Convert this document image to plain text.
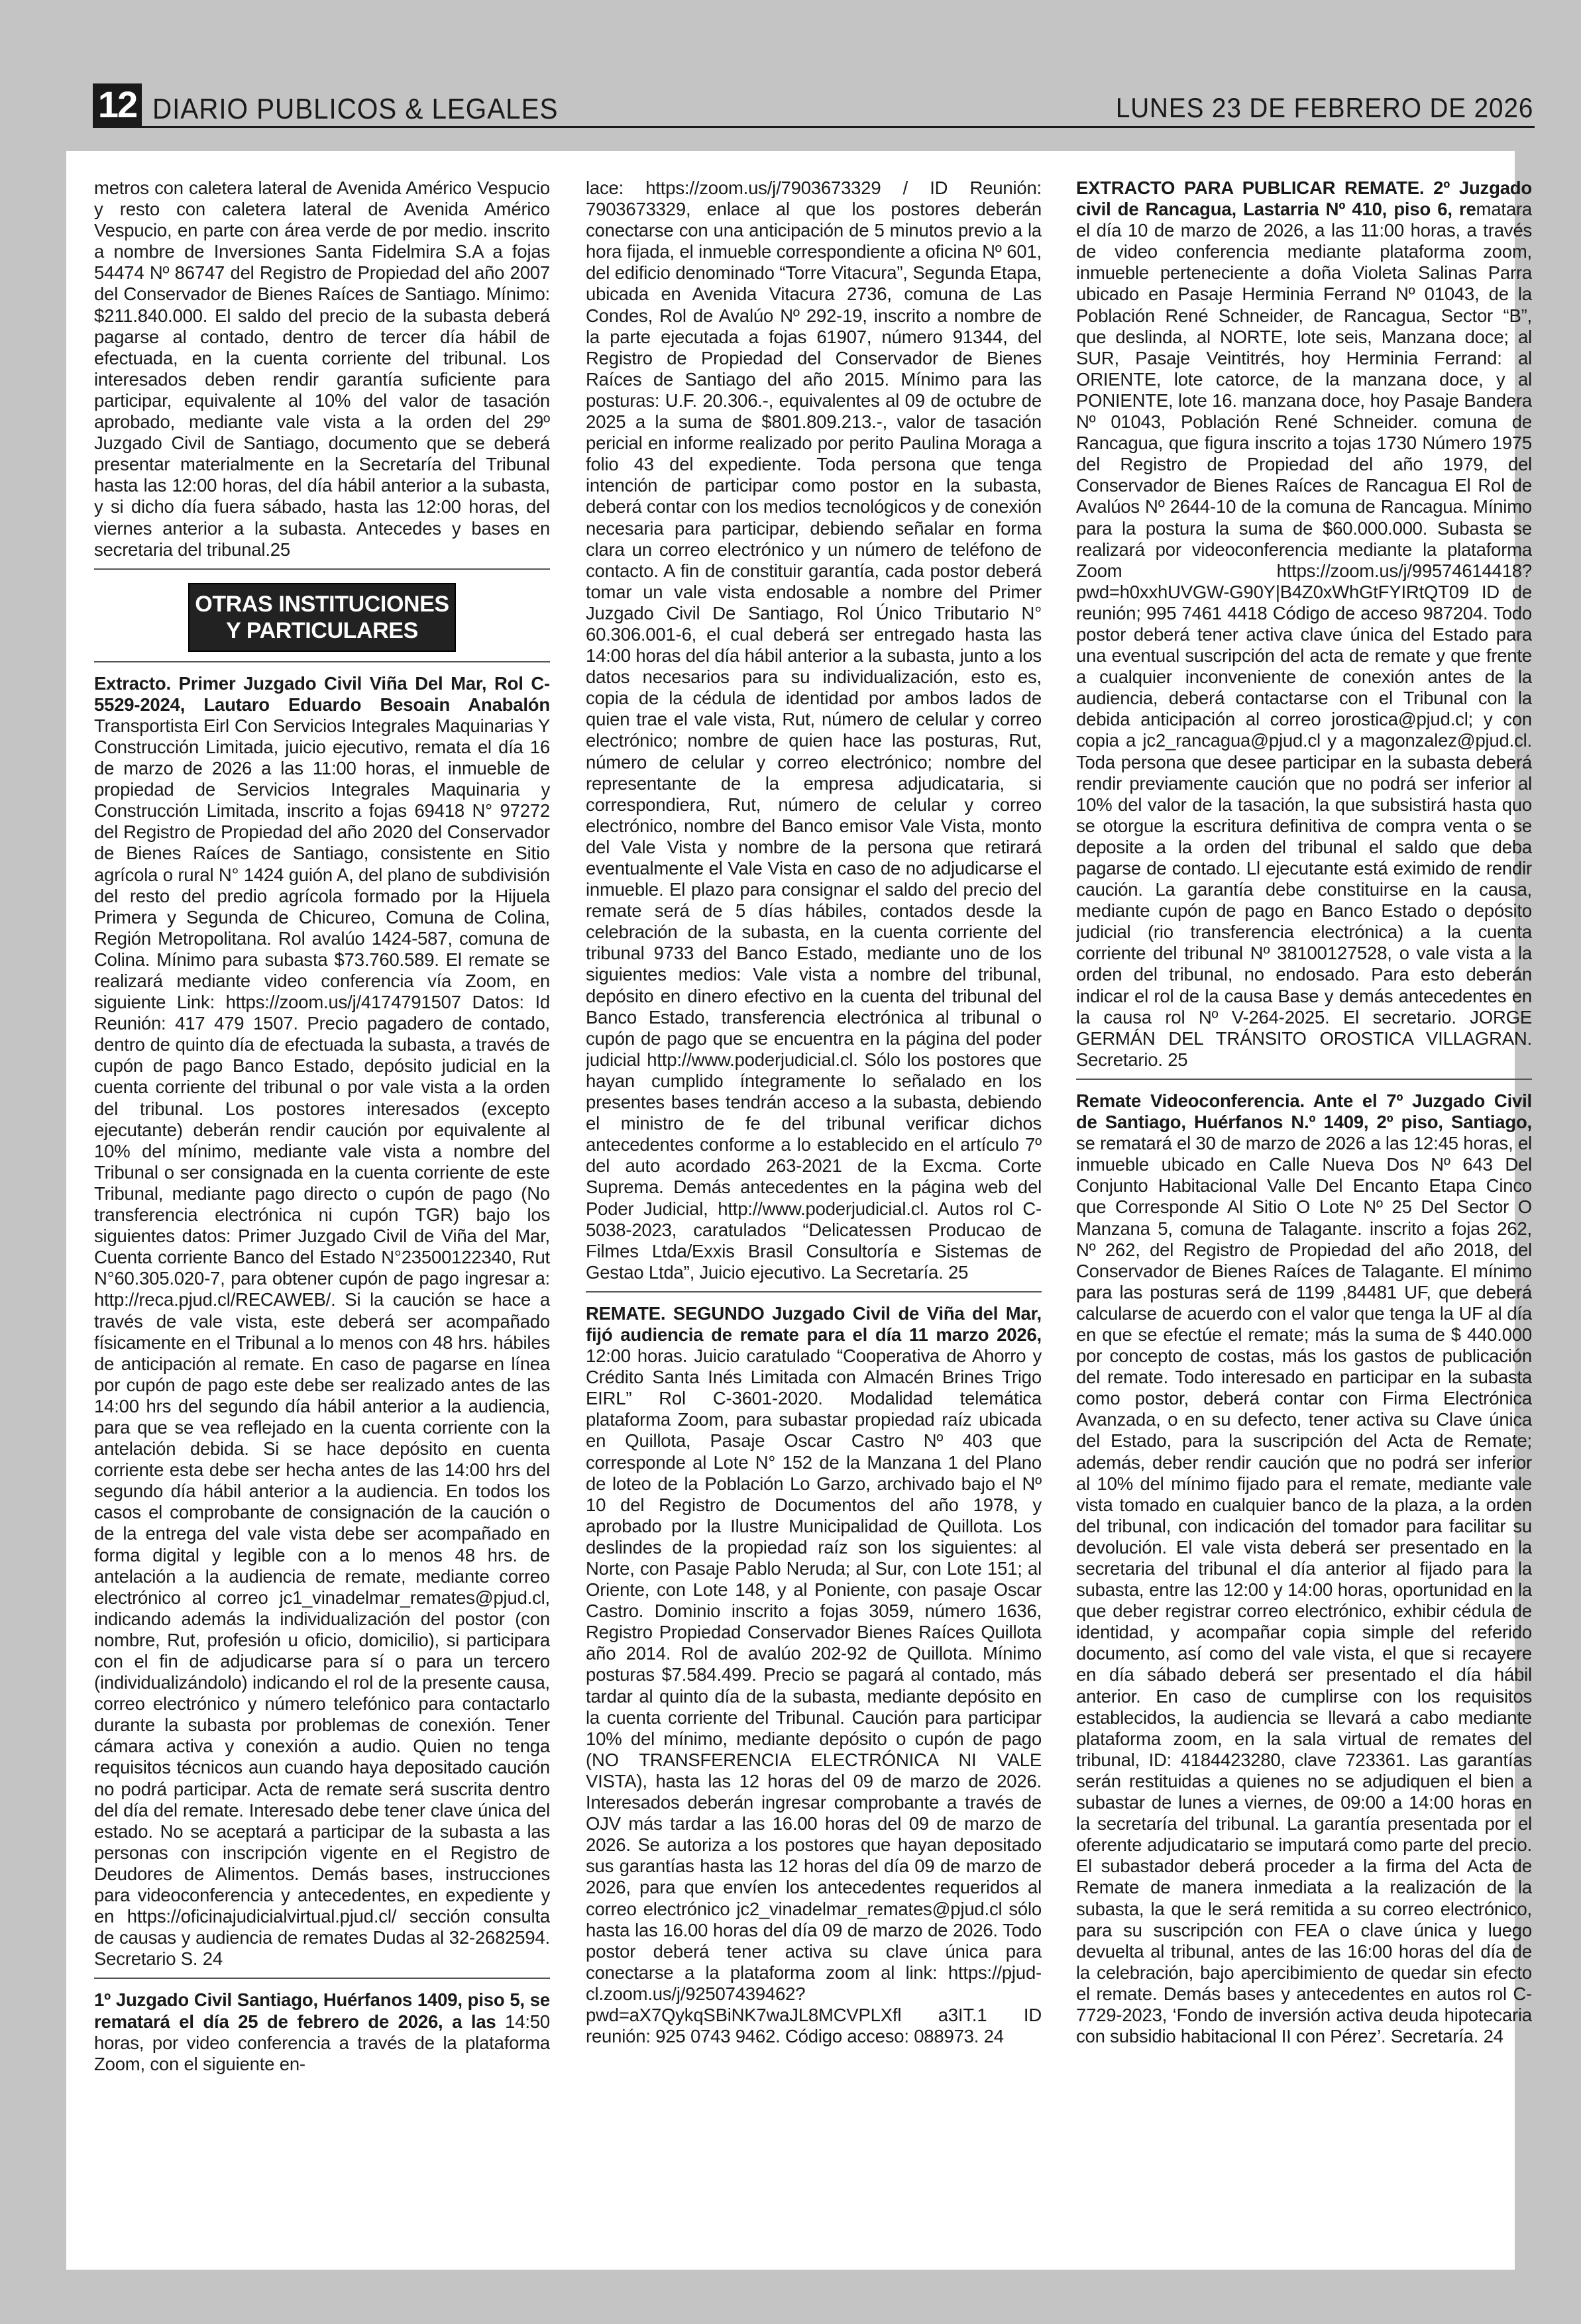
12 DIARIO PUBLICOS & LEGALES	LUNES 23 DE FEBRERO DE 2026

metros con caletera lateral de Avenida Américo Vespucio y resto con caletera lateral de Avenida Américo Vespucio, en parte con área verde de por medio. inscrito a nombre de Inversiones Santa Fidelmira S.A a fojas 54474 Nº 86747 del Registro de Propiedad del año 2007 del Conservador de Bienes Raíces de Santiago. Mínimo: $211.840.000. El saldo del precio de la subasta deberá pagarse al contado, dentro de tercer día hábil de efectuada, en la cuenta corriente del tribunal. Los interesados deben rendir garantía suficiente para participar, equivalente al 10% del valor de tasación aprobado, mediante vale vista a la orden del 29º Juzgado Civil de Santiago, documento que se deberá presentar materialmente en la Secretaría del Tribunal hasta las 12:00 horas, del día hábil anterior a la subasta, y si dicho día fuera sábado, hasta las 12:00 horas, del viernes anterior a la subasta. Antecedes y bases en secretaria del tribunal.25

OTRAS INSTITUCIONES
Y PARTICULARES

Extracto. Primer Juzgado Civil Viña Del Mar, Rol C-5529-2024, Lautaro Eduardo Besoain Anabalón Transportista Eirl Con Servicios Integrales Maquinarias Y Construcción Limitada, juicio ejecutivo, remata el día 16 de marzo de 2026 a las 11:00 horas, el inmueble de propiedad de Servicios Integrales Maquinaria y Construcción Limitada, inscrito a fojas 69418 N° 97272 del Registro de Propiedad del año 2020 del Conservador de Bienes Raíces de Santiago, consistente en Sitio agrícola o rural N° 1424 guión A, del plano de subdivisión del resto del predio agrícola formado por la Hijuela Primera y Segunda de Chicureo, Comuna de Colina, Región Metropolitana. Rol avalúo 1424-587, comuna de Colina. Mínimo para subasta $73.760.589. El remate se realizará mediante video conferencia vía Zoom, en siguiente Link: https://zoom.us/j/4174791507 Datos: Id Reunión: 417 479 1507. Precio pagadero de contado, dentro de quinto día de efectuada la subasta, a través de cupón de pago Banco Estado, depósito judicial en la cuenta corriente del tribunal o por vale vista a la orden del tribunal. Los postores interesados (excepto ejecutante) deberán rendir caución por equivalente al 10% del mínimo, mediante vale vista a nombre del Tribunal o ser consignada en la cuenta corriente de este Tribunal, mediante pago directo o cupón de pago (No transferencia electrónica ni cupón TGR) bajo los siguientes datos: Primer Juzgado Civil de Viña del Mar, Cuenta corriente Banco del Estado N°23500122340, Rut N°60.305.020-7, para obtener cupón de pago ingresar a: http://reca.pjud.cl/RECAWEB/. Si la caución se hace a través de vale vista, este deberá ser acompañado físicamente en el Tribunal a lo menos con 48 hrs. hábiles de anticipación al remate. En caso de pagarse en línea por cupón de pago este debe ser realizado antes de las 14:00 hrs del segundo día hábil anterior a la audiencia, para que se vea reflejado en la cuenta corriente con la antelación debida. Si se hace depósito en cuenta corriente esta debe ser hecha antes de las 14:00 hrs del segundo día hábil anterior a la audiencia. En todos los casos el comprobante de consignación de la caución o de la entrega del vale vista debe ser acompañado en forma digital y legible con a lo menos 48 hrs. de antelación a la audiencia de remate, mediante correo electrónico al correo jc1_vinadelmar_remates@pjud.cl, indicando además la individualización del postor (con nombre, Rut, profesión u oficio, domicilio), si participara con el fin de adjudicarse para sí o para un tercero (individualizándolo) indicando el rol de la presente causa, correo electrónico y número telefónico para contactarlo durante la subasta por problemas de conexión. Tener cámara activa y conexión a audio. Quien no tenga requisitos técnicos aun cuando haya depositado caución no podrá participar. Acta de remate será suscrita dentro del día del remate. Interesado debe tener clave única del estado. No se aceptará a participar de la subasta a las personas con inscripción vigente en el Registro de Deudores de Alimentos. Demás bases, instrucciones para videoconferencia y antecedentes, en expediente y en https://oficinajudicialvirtual.pjud.cl/ sección consulta de causas y audiencia de remates Dudas al 32-2682594. Secretario S. 24

1º Juzgado Civil Santiago, Huérfanos 1409, piso 5, se rematará el día 25 de febrero de 2026, a las 14:50 horas, por video conferencia a través de la plataforma Zoom, con el siguiente en-

lace: https://zoom.us/j/7903673329 / ID Reunión: 7903673329, enlace al que los postores deberán conectarse con una anticipación de 5 minutos previo a la hora fijada, el inmueble correspondiente a oficina Nº 601, del edificio denominado “Torre Vitacura”, Segunda Etapa, ubicada en Avenida Vitacura 2736, comuna de Las Condes, Rol de Avalúo Nº 292-19, inscrito a nombre de la parte ejecutada a fojas 61907, número 91344, del Registro de Propiedad del Conservador de Bienes Raíces de Santiago del año 2015. Mínimo para las posturas: U.F. 20.306.-, equivalentes al 09 de octubre de 2025 a la suma de $801.809.213.-, valor de tasación pericial en informe realizado por perito Paulina Moraga a folio 43 del expediente. Toda persona que tenga intención de participar como postor en la subasta, deberá contar con los medios tecnológicos y de conexión necesaria para participar, debiendo señalar en forma clara un correo electrónico y un número de teléfono de contacto. A fin de constituir garantía, cada postor deberá tomar un vale vista endosable a nombre del Primer Juzgado Civil De Santiago, Rol Único Tributario N° 60.306.001-6, el cual deberá ser entregado hasta las 14:00 horas del día hábil anterior a la subasta, junto a los datos necesarios para su individualización, esto es, copia de la cédula de identidad por ambos lados de quien trae el vale vista, Rut, número de celular y correo electrónico; nombre de quien hace las posturas, Rut, número de celular y correo electrónico; nombre del representante de la empresa adjudicataria, si correspondiera, Rut, número de celular y correo electrónico, nombre del Banco emisor Vale Vista, monto del Vale Vista y nombre de la persona que retirará eventualmente el Vale Vista en caso de no adjudicarse el inmueble. El plazo para consignar el saldo del precio del remate será de 5 días hábiles, contados desde la celebración de la subasta, en la cuenta corriente del tribunal 9733 del Banco Estado, mediante uno de los siguientes medios: Vale vista a nombre del tribunal, depósito en dinero efectivo en la cuenta del tribunal del Banco Estado, transferencia electrónica al tribunal o cupón de pago que se encuentra en la página del poder judicial http://www.poderjudicial.cl. Sólo los postores que hayan cumplido íntegramente lo señalado en los presentes bases tendrán acceso a la subasta, debiendo el ministro de fe del tribunal verificar dichos antecedentes conforme a lo establecido en el artículo 7º del auto acordado 263-2021 de la Excma. Corte Suprema. Demás antecedentes en la página web del Poder Judicial, http://www.poderjudicial.cl. Autos rol C-5038-2023, caratulados “Delicatessen Producao de Filmes Ltda/Exxis Brasil Consultoría e Sistemas de Gestao Ltda”, Juicio ejecutivo. La Secretaría. 25

REMATE. SEGUNDO Juzgado Civil de Viña del Mar, fijó audiencia de remate para el día 11 marzo 2026, 12:00 horas. Juicio caratulado “Cooperativa de Ahorro y Crédito Santa Inés Limitada con Almacén Brines Trigo EIRL” Rol C-3601-2020. Modalidad telemática plataforma Zoom, para subastar propiedad raíz ubicada en Quillota, Pasaje Oscar Castro Nº 403 que corresponde al Lote N° 152 de la Manzana 1 del Plano de loteo de la Población Lo Garzo, archivado bajo el Nº 10 del Registro de Documentos del año 1978, y aprobado por la Ilustre Municipalidad de Quillota. Los deslindes de la propiedad raíz son los siguientes: al Norte, con Pasaje Pablo Neruda; al Sur, con Lote 151; al Oriente, con Lote 148, y al Poniente, con pasaje Oscar Castro. Dominio inscrito a fojas 3059, número 1636, Registro Propiedad Conservador Bienes Raíces Quillota año 2014. Rol de avalúo 202-92 de Quillota. Mínimo posturas $7.584.499. Precio se pagará al contado, más tardar al quinto día de la subasta, mediante depósito en la cuenta corriente del Tribunal. Caución para participar 10% del mínimo, mediante depósito o cupón de pago (NO TRANSFERENCIA ELECTRÓNICA NI VALE VISTA), hasta las 12 horas del 09 de marzo de 2026. Interesados deberán ingresar comprobante a través de OJV más tardar a las 16.00 horas del 09 de marzo de 2026. Se autoriza a los postores que hayan depositado sus garantías hasta las 12 horas del día 09 de marzo de 2026, para que envíen los antecedentes requeridos al correo electrónico jc2_vinadelmar_remates@pjud.cl sólo hasta las 16.00 horas del día 09 de marzo de 2026. Todo postor deberá tener activa su clave única para conectarse a la plataforma zoom al link: https://pjud- cl.zoom.us/j/92507439462?pwd=aX7QykqSBiNK7waJL8MCVPLXfl a3IT.1 ID reunión: 925 0743 9462. Código acceso: 088973. 24

EXTRACTO PARA PUBLICAR REMATE. 2º Juzgado civil de Rancagua, Lastarria Nº 410, piso 6, rematara el día 10 de marzo de 2026, a las 11:00 horas, a través de video conferencia mediante plataforma zoom, inmueble perteneciente a doña Violeta Salinas Parra ubicado en Pasaje Herminia Ferrand Nº 01043, de la Población René Schneider, de Rancagua, Sector “B”, que deslinda, al NORTE, lote seis, Manzana doce; al SUR, Pasaje Veintitrés, hoy Herminia Ferrand: al ORIENTE, lote catorce, de la manzana doce, y al PONIENTE, lote 16. manzana doce, hoy Pasaje Bandera Nº 01043, Población René Schneider. comuna de Rancagua, que figura inscrito a tojas 1730 Número 1975 del Registro de Propiedad del año 1979, del Conservador de Bienes Raíces de Rancagua El Rol de Avalúos Nº 2644-10 de la comuna de Rancagua. Mínimo para la postura la suma de $60.000.000. Subasta se realizará por videoconferencia mediante la plataforma Zoom https://zoom.us/j/99574614418?pwd=h0xxhUVGW-G90Y|B4Z0xWhGtFYIRtQT09 ID de reunión; 995 7461 4418 Código de acceso 987204. Todo postor deberá tener activa clave única del Estado para una eventual suscripción del acta de remate y que frente a cualquier inconveniente de conexión antes de la audiencia, deberá contactarse con el Tribunal con la debida anticipación al correo jorostica@pjud.cl; y con copia a jc2_rancagua@pjud.cl y a magonzalez@pjud.cl. Toda persona que desee participar en la subasta deberá rendir previamente caución que no podrá ser inferior al 10% del valor de la tasación, la que subsistirá hasta quo se otorgue la escritura definitiva de compra venta o se deposite a la orden del tribunal el saldo que deba pagarse de contado. Ll ejecutante está eximido de rendir caución. La garantía debe constituirse en la causa, mediante cupón de pago en Banco Estado o depósito judicial (rio transferencia electrónica) a la cuenta corriente del tribunal Nº 38100127528, o vale vista a la orden del tribunal, no endosado. Para esto deberán indicar el rol de la causa Base y demás antecedentes en la causa rol Nº V-264-2025. El secretario. JORGE GERMÁN DEL TRÁNSITO OROSTICA VILLAGRAN. Secretario. 25

Remate Videoconferencia. Ante el 7º Juzgado Civil de Santiago, Huérfanos N.º 1409, 2º piso, Santiago, se rematará el 30 de marzo de 2026 a las 12:45 horas, el inmueble ubicado en Calle Nueva Dos Nº 643 Del Conjunto Habitacional Valle Del Encanto Etapa Cinco que Corresponde Al Sitio O Lote Nº 25 Del Sector O Manzana 5, comuna de Talagante. inscrito a fojas 262, Nº 262, del Registro de Propiedad del año 2018, del Conservador de Bienes Raíces de Talagante. El mínimo para las posturas será de 1199 ,84481 UF, que deberá calcularse de acuerdo con el valor que tenga la UF al día en que se efectúe el remate; más la suma de $ 440.000 por concepto de costas, más los gastos de publicación del remate. Todo interesado en participar en la subasta como postor, deberá contar con Firma Electrónica Avanzada, o en su defecto, tener activa su Clave única del Estado, para la suscripción del Acta de Remate; además, deber rendir caución que no podrá ser inferior al 10% del mínimo fijado para el remate, mediante vale vista tomado en cualquier banco de la plaza, a la orden del tribunal, con indicación del tomador para facilitar su devolución. El vale vista deberá ser presentado en la secretaria del tribunal el día anterior al fijado para la subasta, entre las 12:00 y 14:00 horas, oportunidad en la que deber registrar correo electrónico, exhibir cédula de identidad, y acompañar copia simple del referido documento, así como del vale vista, el que si recayere en día sábado deberá ser presentado el día hábil anterior. En caso de cumplirse con los requisitos establecidos, la audiencia se llevará a cabo mediante plataforma zoom, en la sala virtual de remates del tribunal, ID: 4184423280, clave 723361. Las garantías serán restituidas a quienes no se adjudiquen el bien a subastar de lunes a viernes, de 09:00 a 14:00 horas en la secretaría del tribunal. La garantía presentada por el oferente adjudicatario se imputará como parte del precio. El subastador deberá proceder a la firma del Acta de Remate de manera inmediata a la realización de la subasta, la que le será remitida a su correo electrónico, para su suscripción con FEA o clave única y luego devuelta al tribunal, antes de las 16:00 horas del día de la celebración, bajo apercibimiento de quedar sin efecto el remate. Demás bases y antecedentes en autos rol C-7729-2023, ‘Fondo de inversión activa deuda hipotecaria con subsidio habitacional II con Pérez’. Secretaría. 24
